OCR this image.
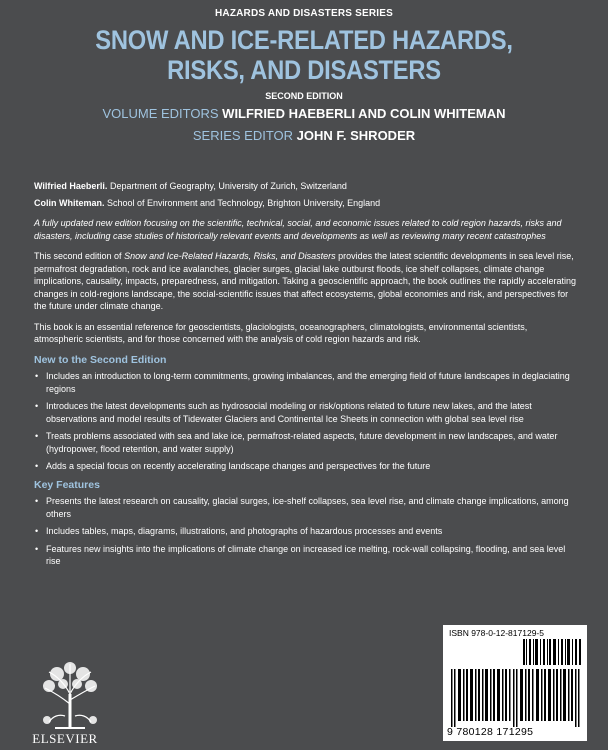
HAZARDS AND DISASTERS SERIES
SNOW AND ICE-RELATED HAZARDS,
RISKS, AND DISASTERS
SECOND EDITION
VOLUME EDITORS WILFRIED HAEBERLI AND COLIN WHITEMAN
SERIES EDITOR JOHN F. SHRODER
Wilfried Haeberli. Department of Geography, University of Zurich, Switzerland
Colin Whiteman. School of Environment and Technology, Brighton University, England
A fully updated new edition focusing on the scientific, technical, social, and economic issues related to cold region hazards, risks and disasters, including case studies of historically relevant events and developments as well as reviewing many recent catastrophes

This second edition of Snow and Ice-Related Hazards, Risks, and Disasters provides the latest scientific developments in sea level rise, permafrost degradation, rock and ice avalanches, glacier surges, glacial lake outburst floods, ice shelf collapses, climate change implications, causality, impacts, preparedness, and mitigation. Taking a geoscientific approach, the book outlines the rapidly accelerating changes in cold-regions landscape, the social-scientific issues that affect ecosystems, global economies and risk, and perspectives for the future under climate change.

This book is an essential reference for geoscientists, glaciologists, oceanographers, climatologists, environmental scientists, atmospheric scientists, and for those concerned with the analysis of cold region hazards and risk.

New to the Second Edition
• Includes an introduction to long-term commitments, growing imbalances, and the emerging field of future landscapes in deglaciating regions
• Introduces the latest developments such as hydrosocial modeling or risk/options related to future new lakes, and the latest observations and model results of Tidewater Glaciers and Continental Ice Sheets in connection with global sea level rise
• Treats problems associated with sea and lake ice, permafrost-related aspects, future development in new landscapes, and water (hydropower, flood retention, and water supply)
• Adds a special focus on recently accelerating landscape changes and perspectives for the future
Key Features
• Presents the latest research on causality, glacial surges, ice-shelf collapses, sea level rise, and climate change implications, among others
• Includes tables, maps, diagrams, illustrations, and photographs of hazardous processes and events
• Features new insights into the implications of climate change on increased ice melting, rock-wall collapsing, flooding, and sea level rise
ELSEVIER
ISBN 978-0-12-817129-5
9 780128 171295
